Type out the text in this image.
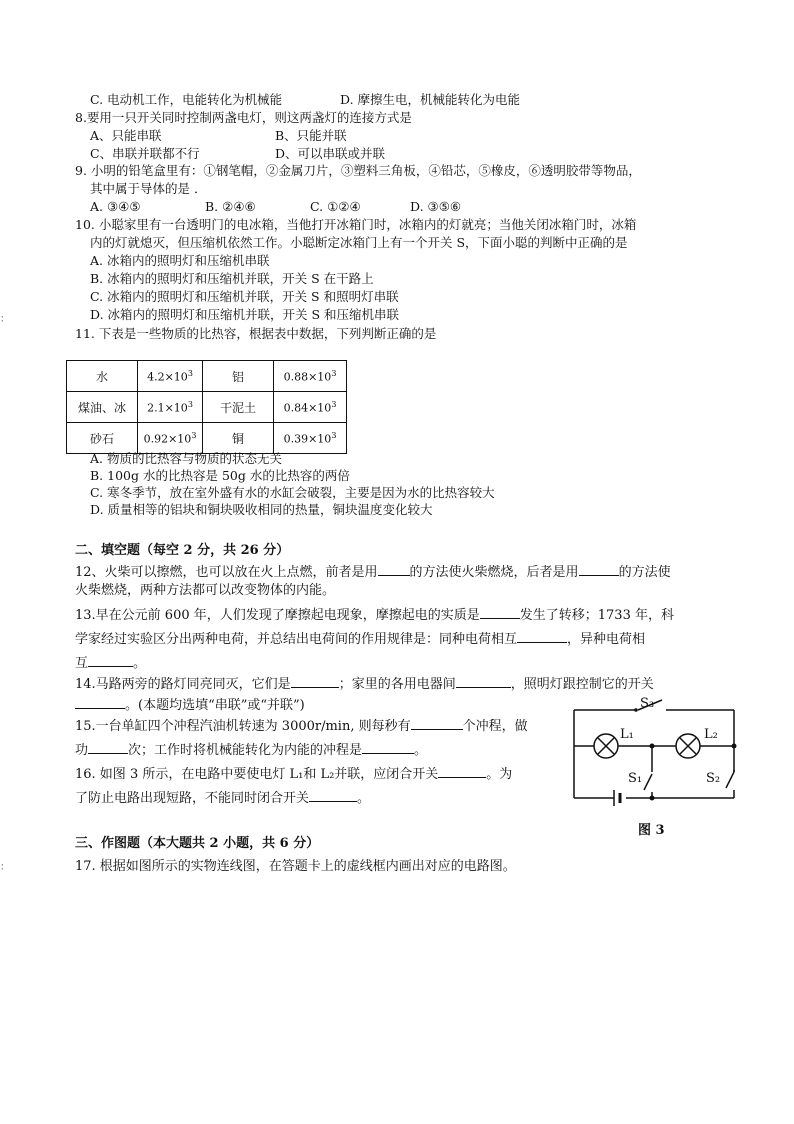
C. 电动机工作，电能转化为机械能	D. 摩擦生电，机械能转化为电能
8.要用一只开关同时控制两盏电灯，则这两盏灯的连接方式是
A、只能串联	B、只能并联
C、串联并联都不行	D、可以串联或并联
9. 小明的铅笔盒里有：①钢笔帽，②金属刀片，③塑料三角板，④铅芯，⑤橡皮，⑥透明胶带等物品，
其中属于导体的是 ．
A. ③④⑤	B. ②④⑥	C. ①②④	D. ③⑤⑥
10. 小聪家里有一台透明门的电冰箱，当他打开冰箱门时，冰箱内的灯就亮；当他关闭冰箱门时，冰箱
内的灯就熄灭，但压缩机依然工作。小聪断定冰箱门上有一个开关 S，下面小聪的判断中正确的是
A. 冰箱内的照明灯和压缩机串联
B. 冰箱内的照明灯和压缩机并联，开关 S 在干路上
C. 冰箱内的照明灯和压缩机并联，开关 S 和照明灯串联
D. 冰箱内的照明灯和压缩机并联，开关 S 和压缩机串联
：
11. 下表是一些物质的比热容，根据表中数据，下列判断正确的是
水	$4.2\times 10^3$	铝	$0.88\times 10^3$
煤油、冰	$2.1\times 10^3$	干泥土	$0.84\times 10^3$
砂石	$0.92\times 10^3$	铜	$0.39\times 10^3$
A. 物质的比热容与物质的状态无关
B. 100g 水的比热容是 50g 水的比热容的两倍
C. 寒冬季节，放在室外盛有水的水缸会破裂，主要是因为水的比热容较大
D. 质量相等的铝块和铜块吸收相同的热量，铜块温度变化较大
二、填空题（每空 2 分，共 26 分）
12、火柴可以擦燃，也可以放在火上点燃，前者是用 的方法使火柴燃烧，后者是用	的方法使
火柴燃烧，两种方法都可以改变物体的内能。
13.早在公元前 600 年，人们发现了摩擦起电现象，摩擦起电的实质是	发生了转移；1733 年，科
学家经过实验区分出两种电荷，并总结出电荷间的作用规律是：同种电荷相互	，异种电荷相
互	。
14.马路两旁的路灯同亮同灭，它们是	；家里的各用电器间	，照明灯跟控制它的开关
。(本题均选填“串联”或“并联”)
15.一台单缸四个冲程汽油机转速为 3000r/min, 则每秒有	个冲程，做
功	次；工作时将机械能转化为内能的冲程是	。
16. 如图 3 所示，在电路中要使电灯 L₁和 L₂并联，应闭合开关	。为
了防止电路出现短路，不能同时闭合开关	。
S₃
L₁	L₂
S₁	S₂
图 3
：
三、作图题（本大题共 2 小题，共 6 分）
17. 根据如图所示的实物连线图，在答题卡上的虚线框内画出对应的电路图。
